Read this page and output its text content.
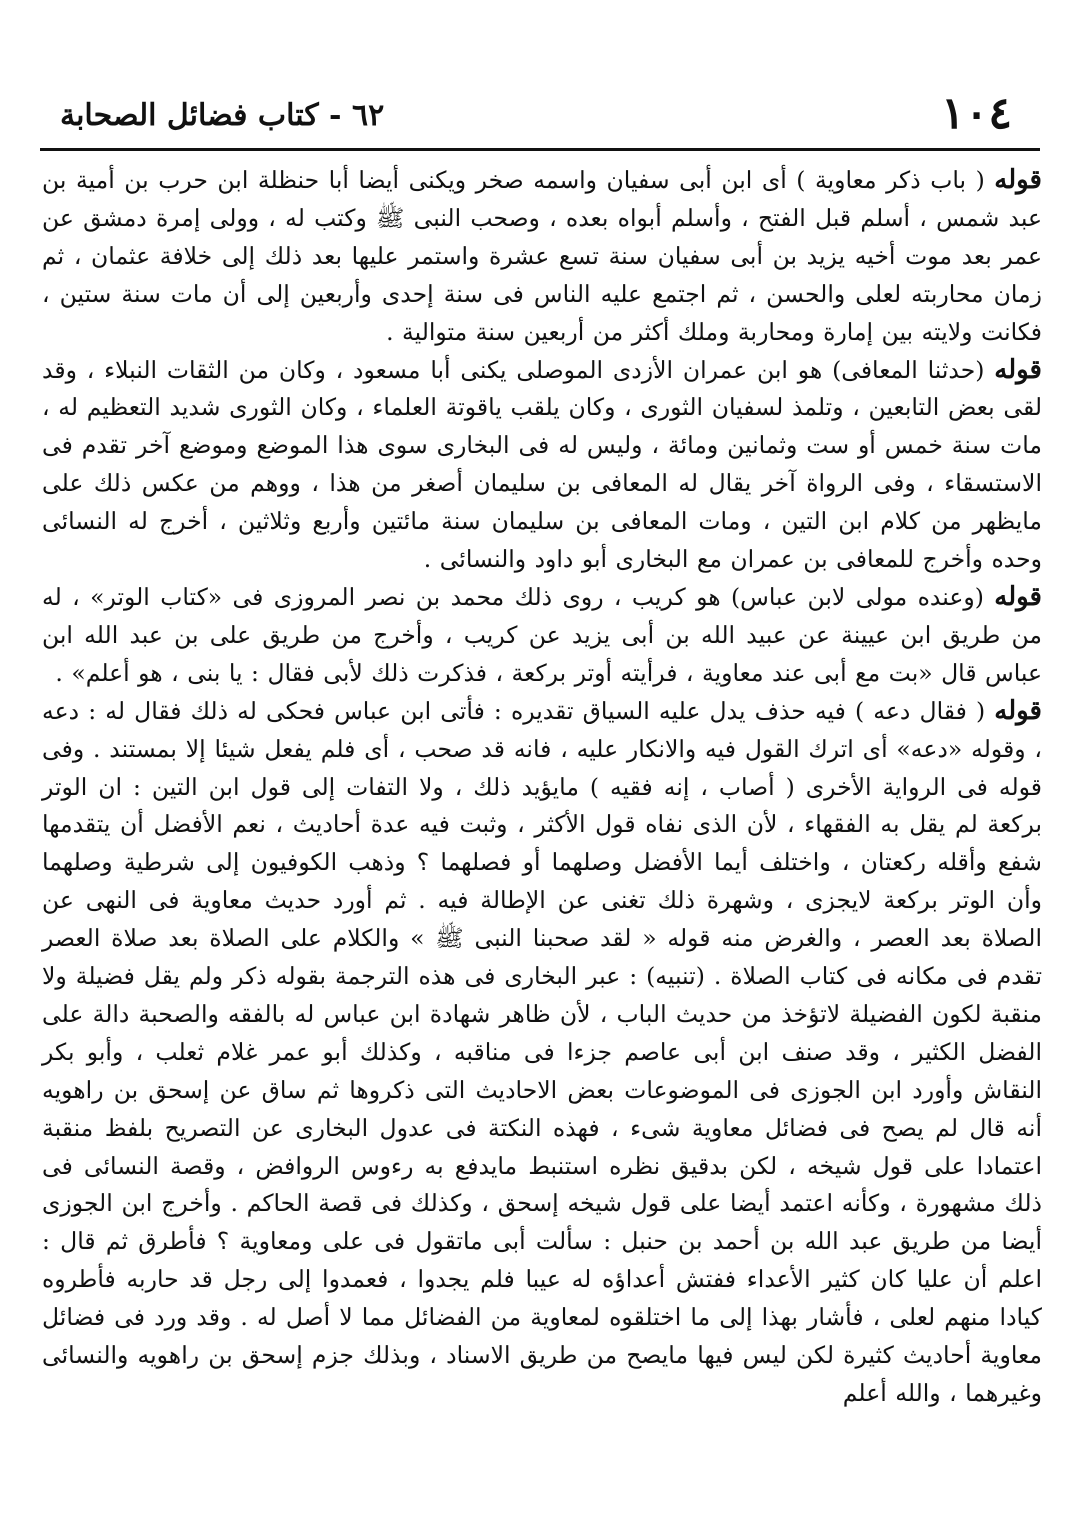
١٠٤
٦٢ - كتاب فضائل الصحابة

قوله ( باب ذكر معاوية ) أى ابن أبى سفيان واسمه صخر ويكنى أيضا أبا حنظلة ابن حرب بن أمية بن عبد شمس ، أسلم قبل الفتح ، وأسلم أبواه بعده ، وصحب النبى ﷺ وكتب له ، وولى إمرة دمشق عن عمر بعد موت أخيه يزيد بن أبى سفيان سنة تسع عشرة واستمر عليها بعد ذلك إلى خلافة عثمان ، ثم زمان محاربته لعلى والحسن ، ثم اجتمع عليه الناس فى سنة إحدى وأربعين إلى أن مات سنة ستين ، فكانت ولايته بين إمارة ومحاربة وملك أكثر من أربعين سنة متوالية .

قوله (حدثنا المعافى) هو ابن عمران الأزدى الموصلى يكنى أبا مسعود ، وكان من الثقات النبلاء ، وقد لقى بعض التابعين ، وتلمذ لسفيان الثورى ، وكان يلقب ياقوتة العلماء ، وكان الثورى شديد التعظيم له ، مات سنة خمس أو ست وثمانين ومائة ، وليس له فى البخارى سوى هذا الموضع وموضع آخر تقدم فى الاستسقاء ، وفى الرواة آخر يقال له المعافى بن سليمان أصغر من هذا ، ووهم من عكس ذلك على مايظهر من كلام ابن التين ، ومات المعافى بن سليمان سنة مائتين وأربع وثلاثين ، أخرج له النسائى وحده وأخرج للمعافى بن عمران مع البخارى أبو داود والنسائى .

قوله (وعنده مولى لابن عباس) هو كريب ، روى ذلك محمد بن نصر المروزى فى «كتاب الوتر» ، له من طريق ابن عيينة عن عبيد الله بن أبى يزيد عن كريب ، وأخرج من طريق على بن عبد الله ابن عباس قال «بت مع أبى عند معاوية ، فرأيته أوتر بركعة ، فذكرت ذلك لأبى فقال : يا بنى ، هو أعلم» .

قوله ( فقال دعه ) فيه حذف يدل عليه السياق تقديره : فأتى ابن عباس فحكى له ذلك فقال له : دعه ، وقوله «دعه» أى اترك القول فيه والانكار عليه ، فانه قد صحب ، أى فلم يفعل شيئا إلا بمستند . وفى قوله فى الرواية الأخرى ( أصاب ، إنه فقيه ) مايؤيد ذلك ، ولا التفات إلى قول ابن التين : ان الوتر بركعة لم يقل به الفقهاء ، لأن الذى نفاه قول الأكثر ، وثبت فيه عدة أحاديث ، نعم الأفضل أن يتقدمها شفع وأقله ركعتان ، واختلف أيما الأفضل وصلهما أو فصلهما ؟ وذهب الكوفيون إلى شرطية وصلهما وأن الوتر بركعة لايجزى ، وشهرة ذلك تغنى عن الإطالة فيه . ثم أورد حديث معاوية فى النهى عن الصلاة بعد العصر ، والغرض منه قوله « لقد صحبنا النبى ﷺ » والكلام على الصلاة بعد صلاة العصر تقدم فى مكانه فى كتاب الصلاة . (تنبيه) : عبر البخارى فى هذه الترجمة بقوله ذكر ولم يقل فضيلة ولا منقبة لكون الفضيلة لاتؤخذ من حديث الباب ، لأن ظاهر شهادة ابن عباس له بالفقه والصحبة دالة على الفضل الكثير ، وقد صنف ابن أبى عاصم جزءا فى مناقبه ، وكذلك أبو عمر غلام ثعلب ، وأبو بكر النقاش وأورد ابن الجوزى فى الموضوعات بعض الاحاديث التى ذكروها ثم ساق عن إسحق بن راهويه أنه قال لم يصح فى فضائل معاوية شىء ، فهذه النكتة فى عدول البخارى عن التصريح بلفظ منقبة اعتمادا على قول شيخه ، لكن بدقيق نظره استنبط مايدفع به رءوس الروافض ، وقصة النسائى فى ذلك مشهورة ، وكأنه اعتمد أيضا على قول شيخه إسحق ، وكذلك فى قصة الحاكم . وأخرج ابن الجوزى أيضا من طريق عبد الله بن أحمد بن حنبل : سألت أبى ماتقول فى على ومعاوية ؟ فأطرق ثم قال : اعلم أن عليا كان كثير الأعداء ففتش أعداؤه له عيبا فلم يجدوا ، فعمدوا إلى رجل قد حاربه فأطروه كيادا منهم لعلى ، فأشار بهذا إلى ما اختلقوه لمعاوية من الفضائل مما لا أصل له . وقد ورد فى فضائل معاوية أحاديث كثيرة لكن ليس فيها مايصح من طريق الاسناد ، وبذلك جزم إسحق بن راهويه والنسائى وغيرهما ، والله أعلم
